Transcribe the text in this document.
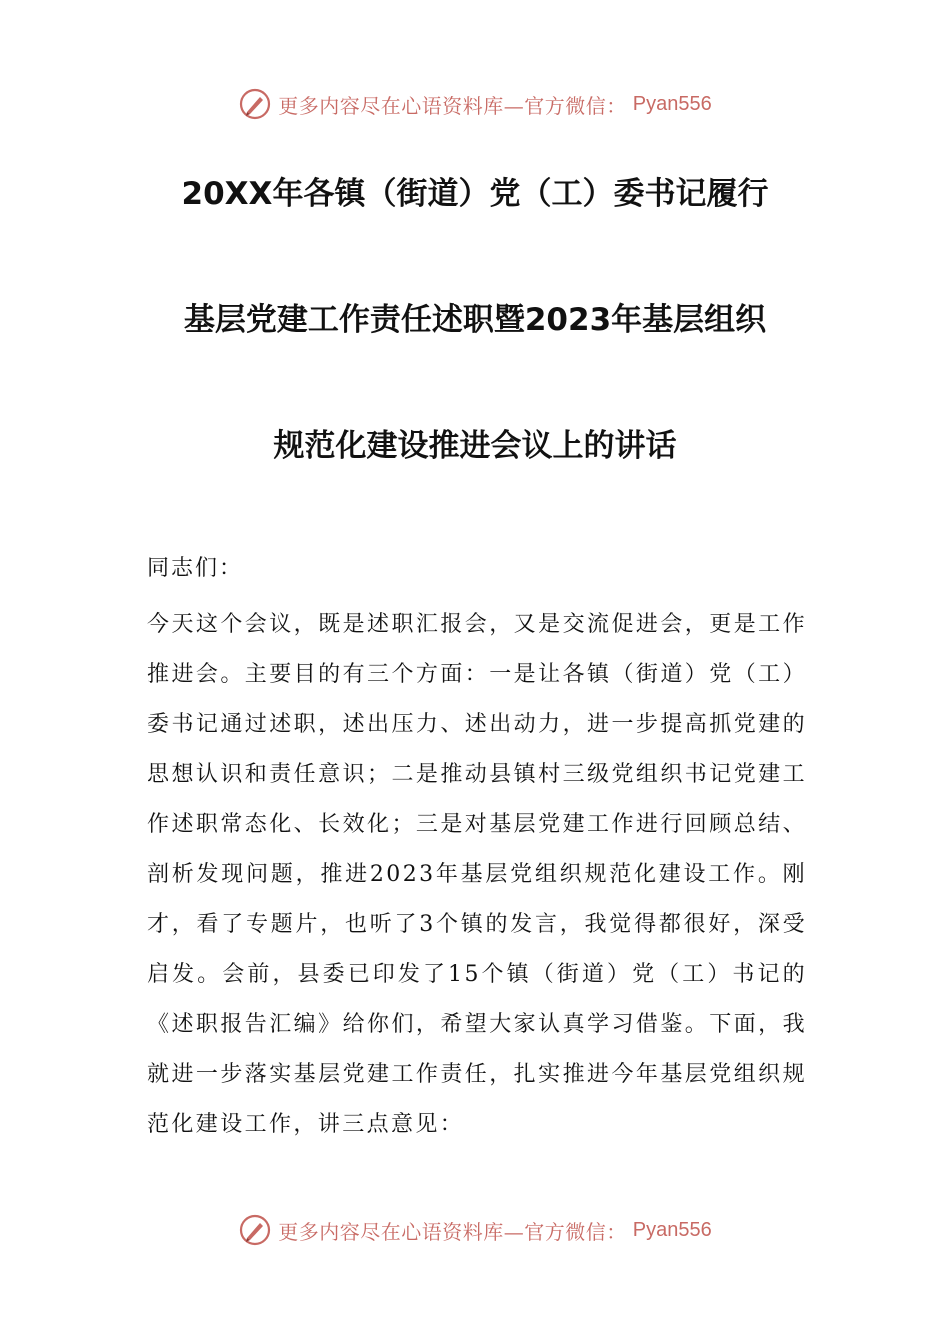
更多内容尽在心语资料库—官方微信： Pyan556
20XX年各镇（街道）党（工）委书记履行
基层党建工作责任述职暨2023年基层组织
规范化建设推进会议上的讲话

同志们：

今天这个会议，既是述职汇报会，又是交流促进会，更是工作推进会。主要目的有三个方面：一是让各镇（街道）党（工）委书记通过述职，述出压力、述出动力，进一步提高抓党建的思想认识和责任意识；二是推动县镇村三级党组织书记党建工作述职常态化、长效化；三是对基层党建工作进行回顾总结、剖析发现问题，推进2023年基层党组织规范化建设工作。刚才，看了专题片，也听了3个镇的发言，我觉得都很好，深受启发。会前，县委已印发了15个镇（街道）党（工）书记的《述职报告汇编》给你们，希望大家认真学习借鉴。下面，我就进一步落实基层党建工作责任，扎实推进今年基层党组织规范化建设工作，讲三点意见：

更多内容尽在心语资料库—官方微信： Pyan556
